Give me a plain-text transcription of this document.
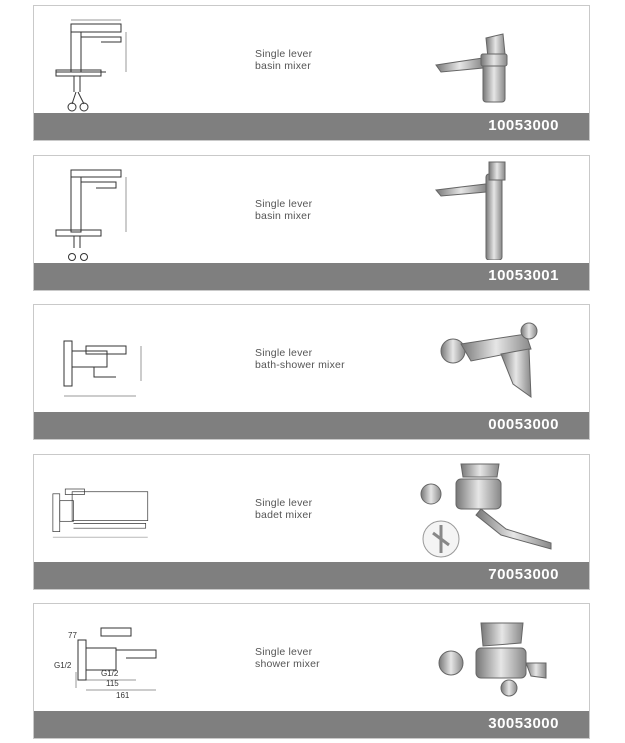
Single lever
basin mixer
10053000
Single lever
basin mixer
10053001
Single lever
bath-shower mixer
00053000
Single lever
badet mixer
70053000
77
G1/2
G1/2
115
161
Single lever
shower mixer
30053000
